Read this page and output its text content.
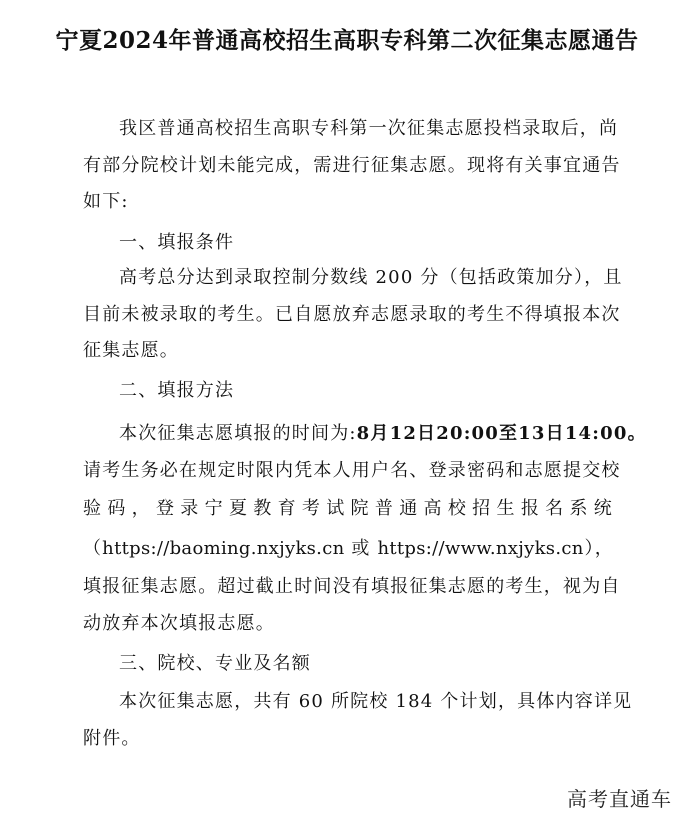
宁夏2024年普通高校招生高职专科第二次征集志愿通告
我区普通高校招生高职专科第一次征集志愿投档录取后，尚
有部分院校计划未能完成，需进行征集志愿。现将有关事宜通告
如下:
一、填报条件
高考总分达到录取控制分数线 200 分（包括政策加分），且
目前未被录取的考生。已自愿放弃志愿录取的考生不得填报本次
征集志愿。
二、填报方法
本次征集志愿填报的时间为:8月12日20:00至13日14:00。
请考生务必在规定时限内凭本人用户名、登录密码和志愿提交校
验码，登录宁夏教育考试院普通高校招生报名系统
（https://baoming.nxjyks.cn 或 https://www.nxjyks.cn），
填报征集志愿。超过截止时间没有填报征集志愿的考生，视为自
动放弃本次填报志愿。
三、院校、专业及名额
本次征集志愿，共有 60 所院校 184 个计划，具体内容详见
附件。
高考直通车
